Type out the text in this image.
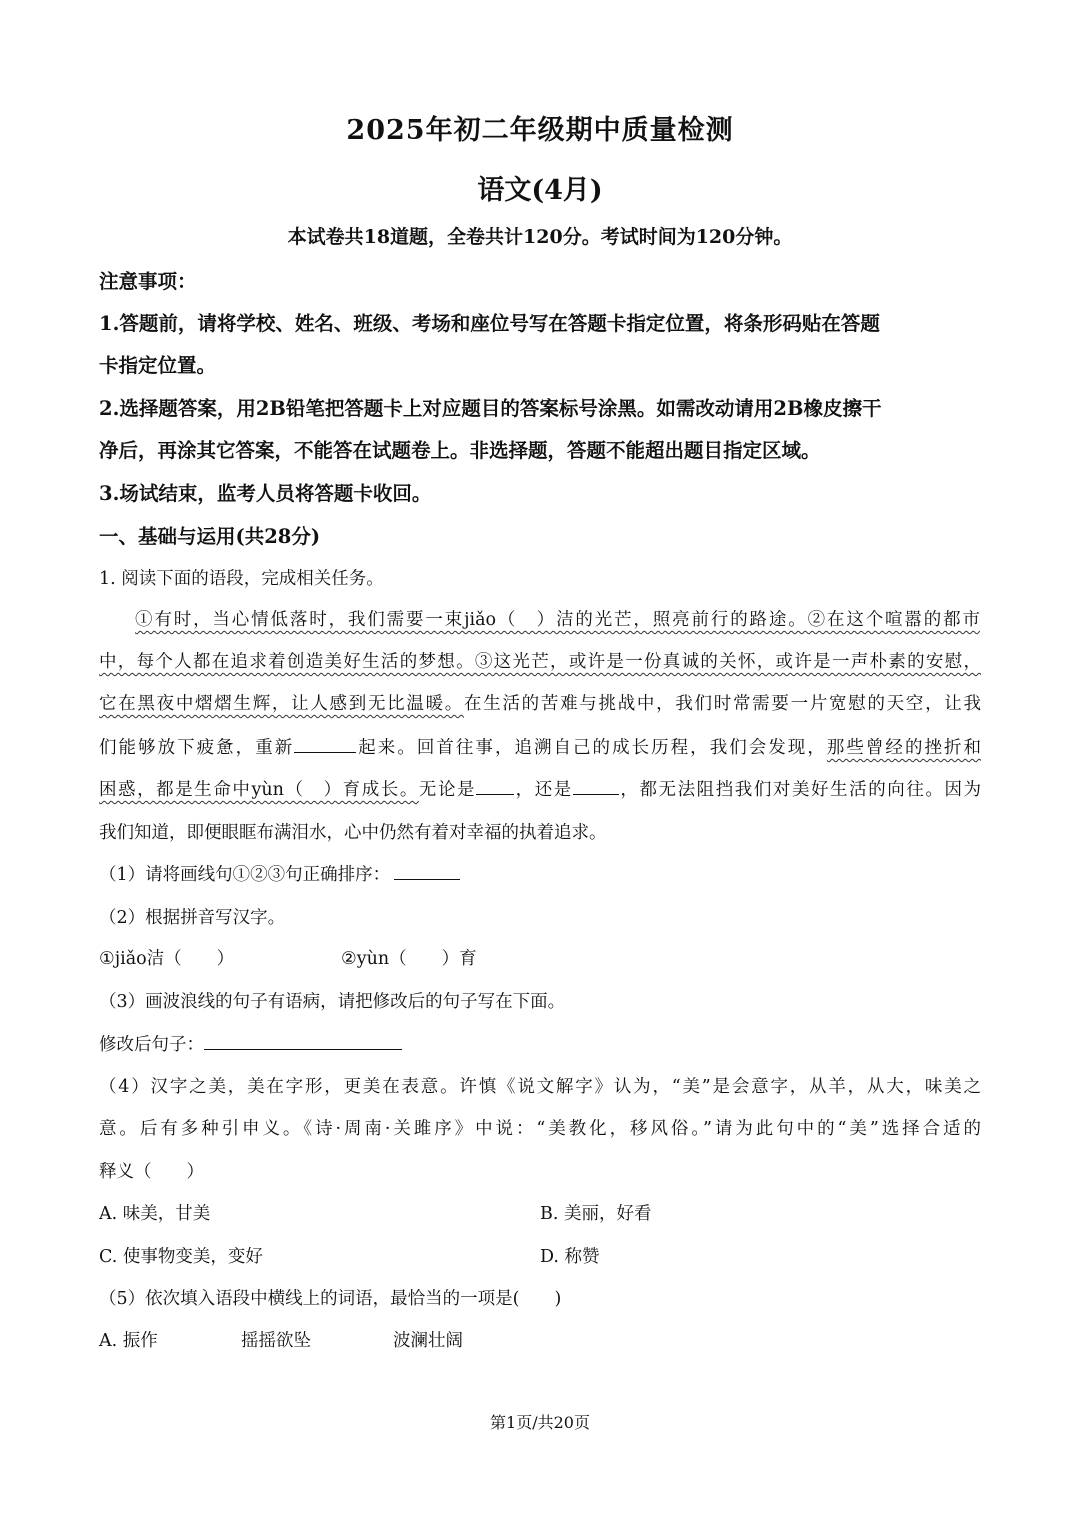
2025年初二年级期中质量检测
语文(4月)
本试卷共18道题，全卷共计120分。考试时间为120分钟。
注意事项：
1.答题前，请将学校、姓名、班级、考场和座位号写在答题卡指定位置，将条形码贴在答题
卡指定位置。
2.选择题答案，用2B铅笔把答题卡上对应题目的答案标号涂黑。如需改动请用2B橡皮擦干
净后，再涂其它答案，不能答在试题卷上。非选择题，答题不能超出题目指定区域。
3.场试结束，监考人员将答题卡收回。
一、基础与运用(共28分)
1. 阅读下面的语段，完成相关任务。
①有时，当心情低落时，我们需要一束jiǎo（　）洁的光芒，照亮前行的路途。②在这个喧嚣的都市
中，每个人都在追求着创造美好生活的梦想。③这光芒，或许是一份真诚的关怀，或许是一声朴素的安慰，
它在黑夜中熠熠生辉，让人感到无比温暖。在生活的苦难与挑战中，我们时常需要一片宽慰的天空，让我
们能够放下疲惫，重新	起来。回首往事，追溯自己的成长历程，我们会发现，那些曾经的挫折和
困惑，都是生命中yùn（　）育成长。无论是 ，还是	，都无法阻挡我们对美好生活的向往。因为
我们知道，即便眼眶布满泪水，心中仍然有着对幸福的执着追求。
（1）请将画线句①②③句正确排序：
（2）根据拼音写汉字。
①jiǎo洁（　　）	②yùn（　　）育
（3）画波浪线的句子有语病，请把修改后的句子写在下面。
修改后句子：
（4）汉字之美，美在字形，更美在表意。许慎《说文解字》认为，“美”是会意字，从羊，从大，味美之
意。后有多种引申义。《诗·周南·关雎序》中说：“美教化，移风俗。”请为此句中的“美”选择合适的
释义（　　）
A. 味美，甘美	B. 美丽，好看
C. 使事物变美，变好	D. 称赞
（5）依次填入语段中横线上的词语，最恰当的一项是(　　)
A. 振作	摇摇欲坠	波澜壮阔
第1页/共20页
